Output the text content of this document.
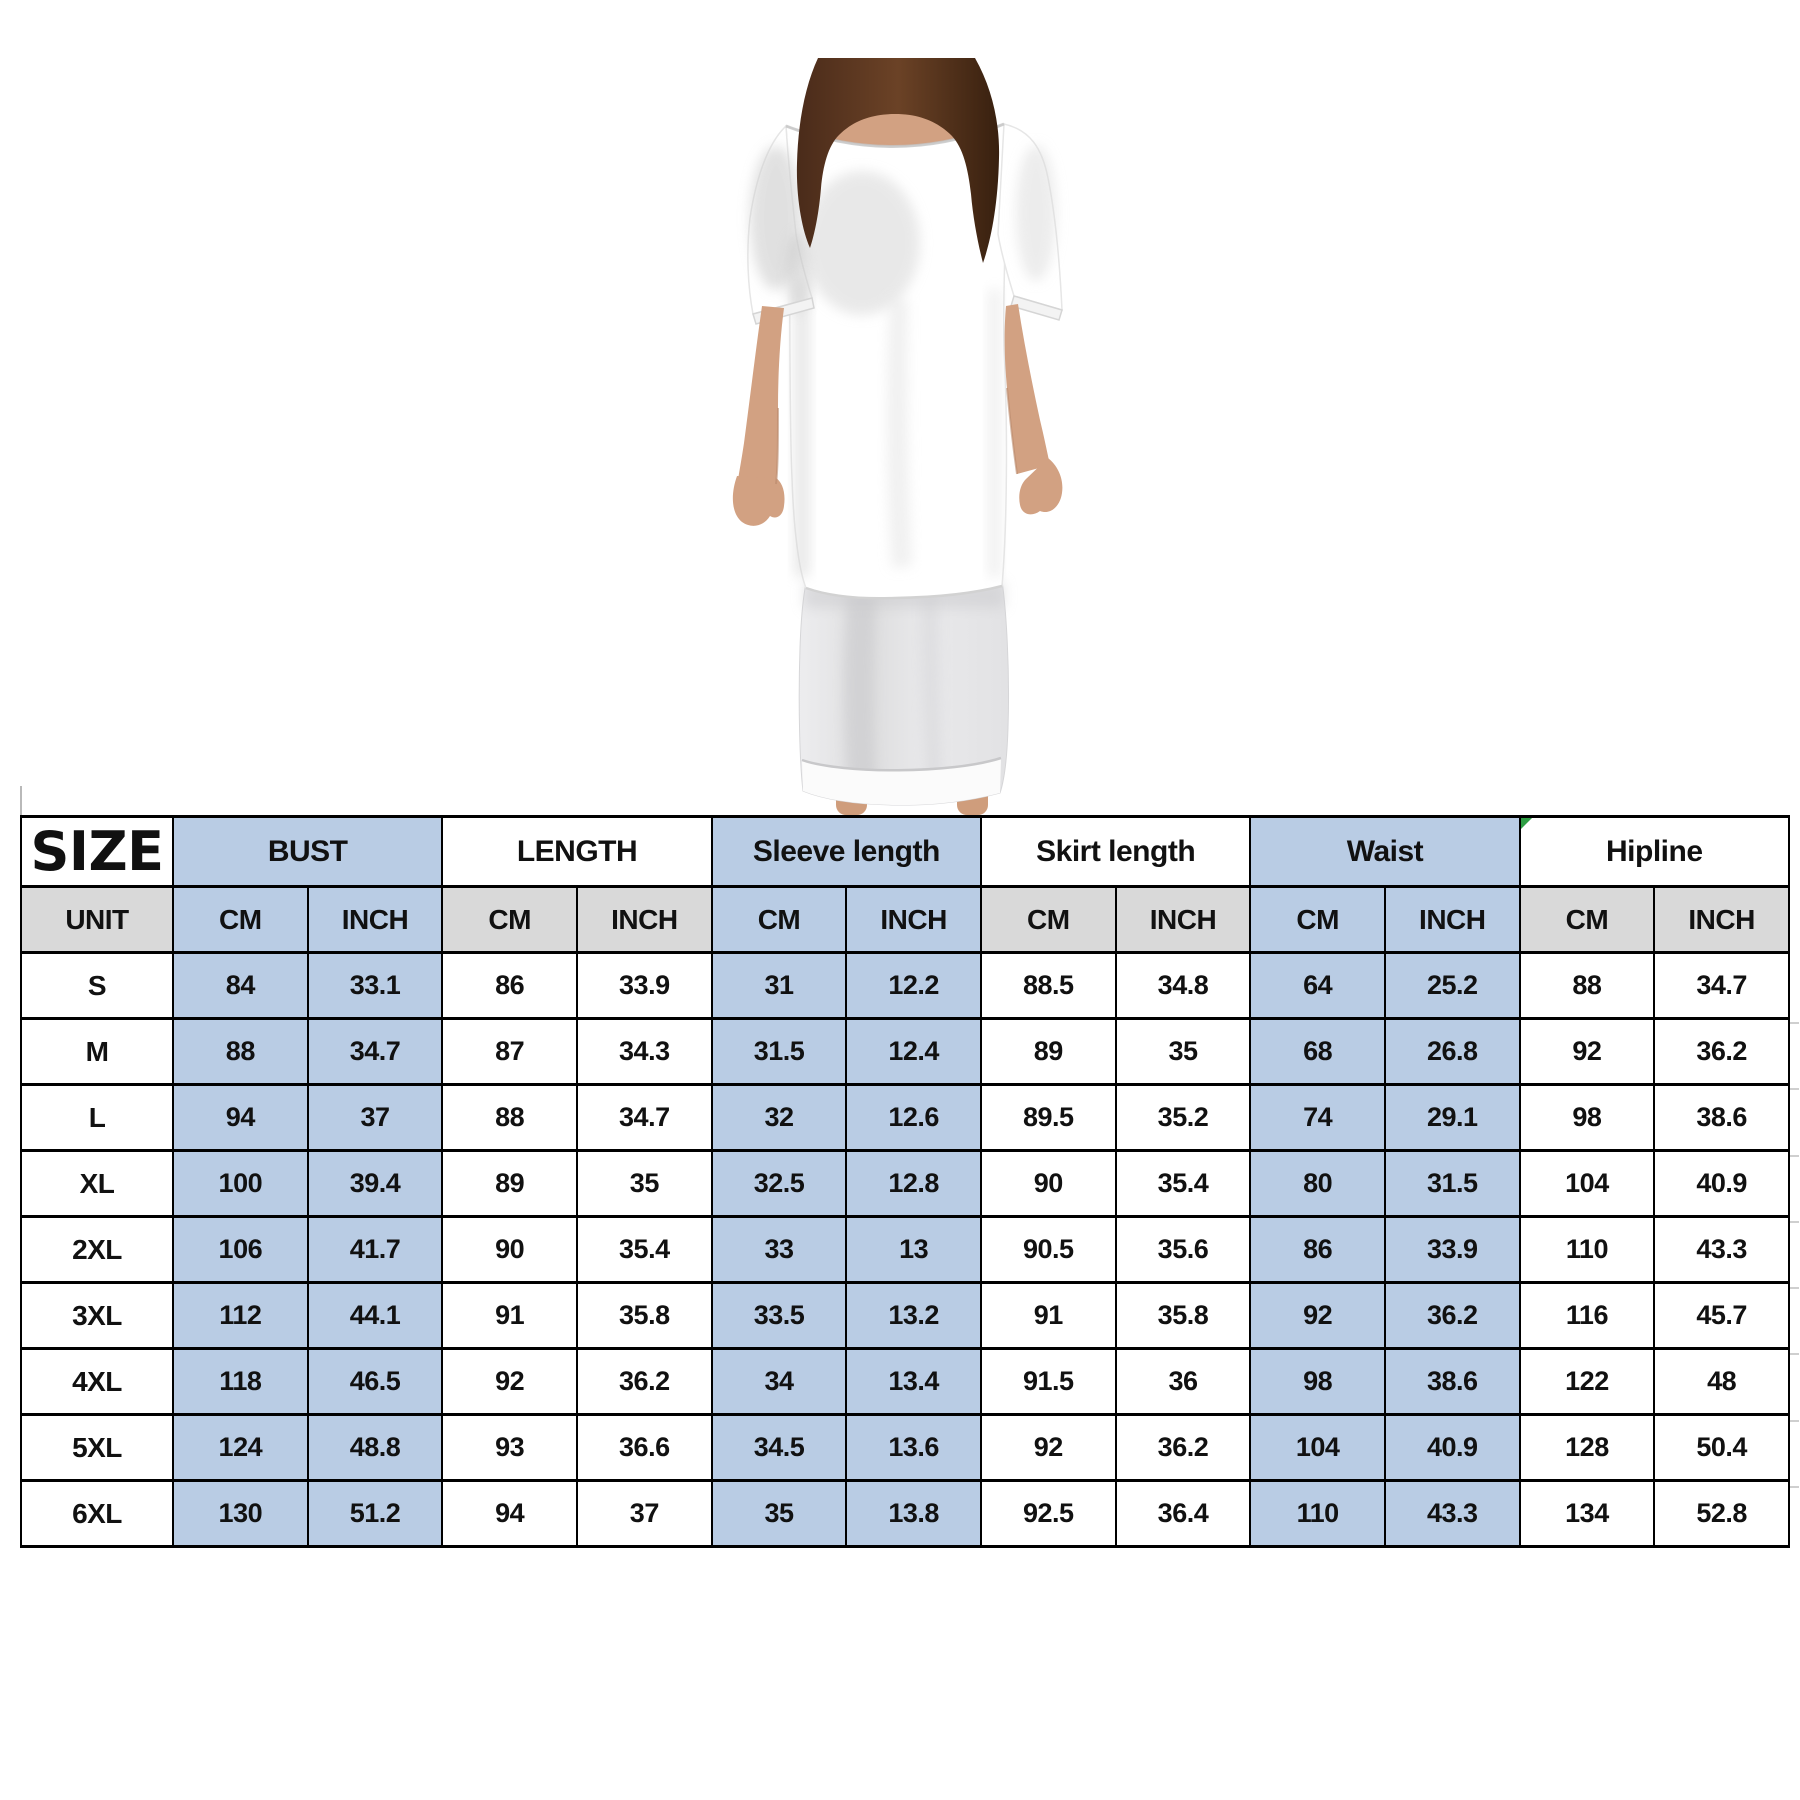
SIZE	BUST		LENGTH		Sleeve length		Skirt length		Waist		Hipline	

UNIT	CM	INCH	CM	INCH	CM	INCH	CM	INCH	CM	INCH	CM	INCH
S	84	33.1	86	33.9	31	12.2	88.5	34.8	64	25.2	88	34.7
M	88	34.7	87	34.3	31.5	12.4	89	35	68	26.8	92	36.2
L	94	37	88	34.7	32	12.6	89.5	35.2	74	29.1	98	38.6
XL	100	39.4	89	35	32.5	12.8	90	35.4	80	31.5	104	40.9
2XL	106	41.7	90	35.4	33	13	90.5	35.6	86	33.9	110	43.3
3XL	112	44.1	91	35.8	33.5	13.2	91	35.8	92	36.2	116	45.7
4XL	118	46.5	92	36.2	34	13.4	91.5	36	98	38.6	122	48
5XL	124	48.8	93	36.6	34.5	13.6	92	36.2	104	40.9	128	50.4
6XL	130	51.2	94	37	35	13.8	92.5	36.4	110	43.3	134	52.8
